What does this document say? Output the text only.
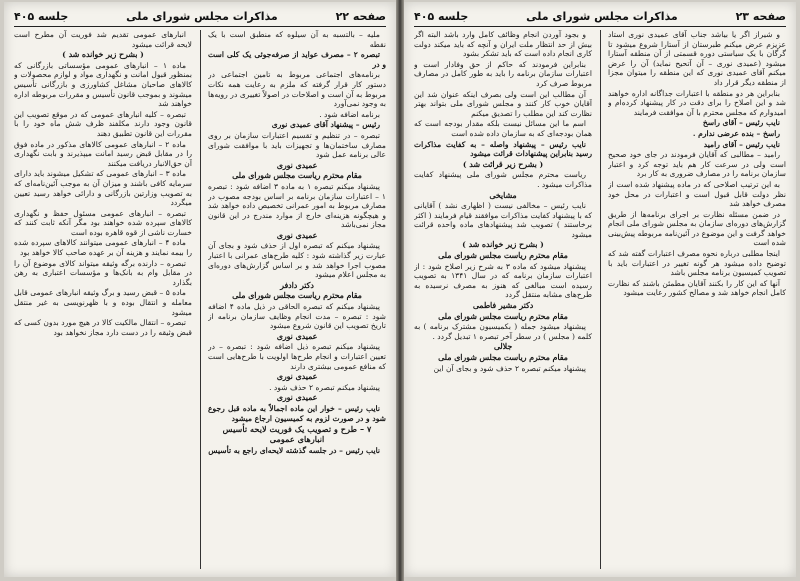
صفحه ۲۲
مذاکرات مجلس شورای ملی
جلسه ۴۰۵

ملیه – بالتسبه به آن سیلوه که منطبق است با یک نقطه

تبصره ۲ – مصرف عواید از صرفه‌جوئی یک کلی است و در

برنامه‌های اجتماعی مربوط به تامین اجتماعی در دستور کار قرار گرفته که ملزم به رعایت همه نکات مربوط به آن است و اصلاحات در اصولاً تغییری در رویه‌ها به وجود نمی‌آورد

برنامه اضافه شود .

رئیس – پیشنهاد آقای عمیدی نوری

تبصره – در تنظیم و تقسیم اعتبارات سازمان بر روی مصارف ساختمان‌ها و تجهیزات باید با موافقت شورای عالی برنامه عمل شود

عمیدی نوری

مقام محترم ریاست مجلس شورای ملی

پیشنهاد میکنم تبصره ۱ به ماده ۳ اضافه شود : تبصره ۱ – اعتبارات سازمان برنامه بر اساس بودجه مصوب در مصارف مربوط به امور عمرانی تخصیص داده خواهد شد و هیچگونه هزینه‌ای خارج از موارد مندرج در این قانون مجاز نمی‌باشد

عمیدی نوری

پیشنهاد میکنم که تبصره اول از حذف شود و بجای آن عبارت زیر گذاشته شود : کلیه طرح‌های عمرانی با اعتبار مصوب اجرا خواهد شد و بر اساس گزارش‌های دوره‌ای به مجلس اعلام میشود

دکتر دادفر

مقام محترم ریاست مجلس شورای ملی

پیشنهاد میکنم که تبصره الحاقی در ذیل ماده ۴ اضافه شود : تبصره – مدت انجام وظایف سازمان برنامه از تاریخ تصویب این قانون شروع میشود

عمیدی نوری

پیشنهاد میکنم تبصره ذیل اضافه شود : تبصره – در تعیین اعتبارات و انجام طرح‌ها اولویت با طرح‌هایی است که منافع عمومی بیشتری دارند

عمیدی نوری

پیشنهاد میکنم تبصره ۲ حذف شود .

عمیدی نوری

نایب رئیس – خوار این ماده اجمالاً به ماده قبل رجوع شود و در صورت لزوم به کمیسیون ارجاع میشود

۷ – طرح و تصویب یک فوریت لایحه تأسیس انبارهای عمومی

نایب رئیس – در جلسه گذشته لایحه‌ای راجع به تأسیس

انبارهای عمومی تقدیم شد فوریت آن مطرح است لایحه قرائت میشود

( بشرح زیر خوانده شد )

ماده ۱ – انبارهای عمومی مؤسساتی بازرگانی که بمنظور قبول امانت و نگهداری مواد و لوازم محصولات و کالاهای صاحبان مشاغل کشاورزی و بازرگانی تأسیس میشوند و بموجب قانون تأسیس و مقررات مربوطه اداره خواهند شد

تبصره – کلیه انبارهای عمومی که در موقع تصویب این قانون وجود دارند مکلفند ظرف شش ماه خود را با مقررات این قانون تطبیق دهند

ماده ۲ – انبارهای عمومی کالاهای مذکور در ماده فوق را در مقابل قبض رسید امانت میپذیرند و بابت نگهداری آن حق‌الانبار دریافت میکنند

ماده ۳ – انبارهای عمومی که تشکیل میشوند باید دارای سرمایه کافی باشند و میزان آن به موجب آئین‌نامه‌ای که به تصویب وزارتین بازرگانی و دارائی خواهد رسید تعیین میگردد

تبصره – انبارهای عمومی مسئول حفظ و نگهداری کالاهای سپرده شده خواهند بود مگر آنکه ثابت کنند که خسارت ناشی از قوه قاهره بوده است

ماده ۴ – انبارهای عمومی میتوانند کالاهای سپرده شده را بیمه نمایند و هزینه آن بر عهده صاحب کالا خواهد بود

تبصره – دارنده برگه وثیقه میتواند کالای موضوع آن را در مقابل وام به بانک‌ها و مؤسسات اعتباری به رهن بگذارد

ماده ۵ – قبض رسید و برگ وثیقه انبارهای عمومی قابل معامله و انتقال بوده و با ظهرنویسی به غیر منتقل میشود

تبصره – انتقال مالکیت کالا در هیچ مورد بدون کسی که قبض وثیقه را در دست دارد مجاز نخواهد بود

صفحه ۲۳
مذاکرات مجلس شورای ملی
جلسه ۴۰۵

و شیراز اگر یا بیاشد جناب آقای عمیدی نوری استاد عزیزم عرض میکنم طبرستان از آستارا شروع میشود تا گرگان با یک سیاستی دوره قسمتی از آن منطقه آستارا میشود (عمیدی نوری – آن آتحیح نماید) آن را عرض میکنم آقای عمیدی نوری که این منطقه را میتوان مجزا از منطقه دیگر قرار داد

بنابراین هر دو منطقه با اعتبارات جداگانه اداره خواهند شد و این اصلاح را برای دقت در کار پیشنهاد کرده‌ام و امیدوارم که مجلس محترم با آن موافقت فرمایند

نایب رئیس – آقای راسخ

راسخ – بنده عرضی ندارم .

نایب رئیس – آقای رامید

رامید – مطالبی که آقایان فرمودند در جای خود صحیح است ولی در سرعت کار هم باید توجه کرد و اعتبار سازمان برنامه را در مصارف ضروری به کار برد

به این ترتیب اصلاحی که در ماده پیشنهاد شده است از نظر دولت قابل قبول است و اعتبارات در محل خود مصرف خواهد شد

در ضمن مسئله نظارت بر اجرای برنامه‌ها از طریق گزارش‌های دوره‌ای سازمان به مجلس شورای ملی انجام خواهد گرفت و این موضوع در آئین‌نامه مربوطه پیش‌بینی شده است

اینجا مطلبی درباره نحوه مصرف اعتبارات گفته شد که توضیح داده میشود هر گونه تغییر در اعتبارات باید با تصویب کمیسیون برنامه مجلس باشد

آنها که این کار را بکنند آقایان مطمئن باشند که نظارت کامل انجام خواهد شد و مصالح کشور رعایت میشود

و بجود آوردن انجام وظائف کامل وارد باشد البته اگر بیش از حد انتظار ملت ایران و آنچه که باید میکند دولت کاری انجام داده است که باید تشکر بشود

بنابراین فرمودند که حاکم از حق وفادار است و اعتبارات سازمان برنامه را باید به طور کامل در مصارف مربوط صرف کرد

آن مطالب این است ولی بصرف اینکه عنوان شد این آقایان خوب کار کنند و مجلس شورای ملی بتواند بهتر نظارت کند این مطلب را تصدیق میکنم

اسم ما این مسائل نیست بلکه مقدار بودجه است که همان بودجه‌ای که به سازمان داده شده است

نایب رئیس – پیشنهاد واصله – به کفایت مذاکرات رسید بنابراین پیشنهادات قرائت میشود

( بشرح زیر قرائت شد )

ریاست محترم مجلس شورای ملی پیشنهاد کفایت مذاکرات میشود .

مشایخی

نایب رئیس – مخالفی نیست ( اظهاری نشد ) آقایانی که با پیشنهاد کفایت مذاکرات موافقند قیام فرمایند ( اکثر برخاستند ) تصویب شد پیشنهادهای ماده واحده قرائت میشود

( بشرح زیر خوانده شد )

مقام محترم ریاست مجلس شورای ملی

پیشنهاد میشود که ماده ۳ به شرح زیر اصلاح شود : از اعتبارات سازمان برنامه که در سال ۱۳۴۱ به تصویب رسیده است مبالغی که هنوز به مصرف نرسیده به طرح‌های مشابه منتقل گردد

دکتر مشیر فاطمی

مقام محترم ریاست مجلس شورای ملی

پیشنهاد میشود جمله ( بکمیسیون مشترک برنامه ) به کلمه ( مجلس ) در سطر آخر تبصره ۱ تبدیل گردد .

جلالی

مقام محترم ریاست مجلس شورای ملی

پیشنهاد میکنم تبصره ۲ حذف شود و بجای آن این
